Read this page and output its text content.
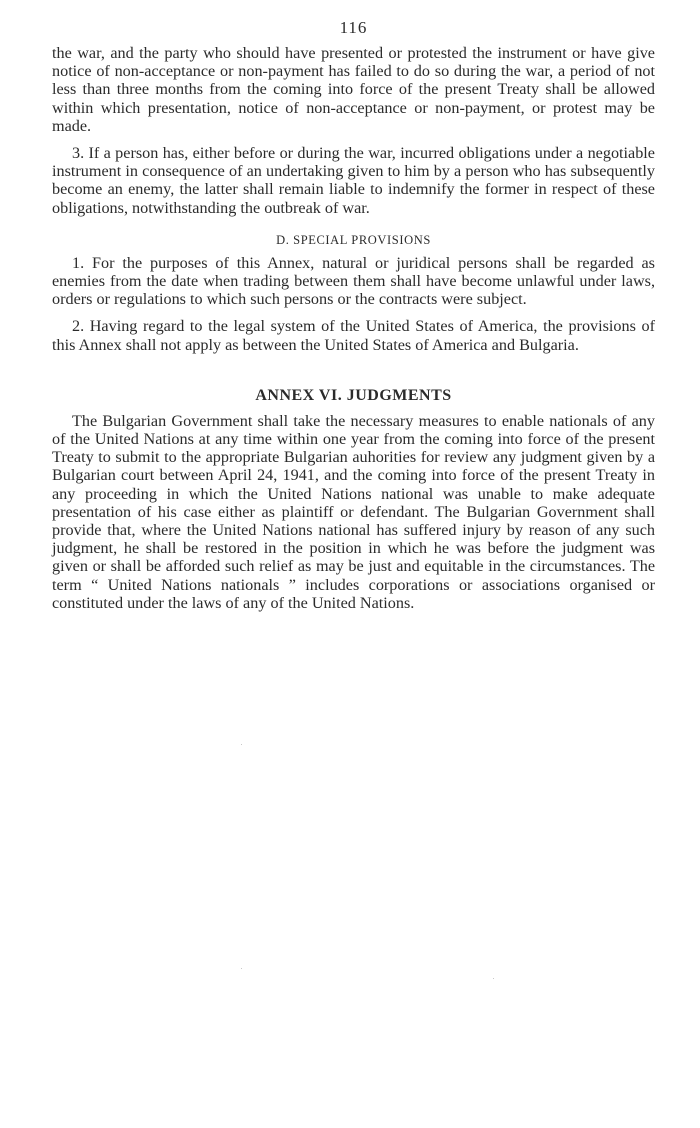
116

the war, and the party who should have presented or protested the instrument or have give notice of non-acceptance or non-payment has failed to do so during the war, a period of not less than three months from the coming into force of the present Treaty shall be allowed within which presentation, notice of non-acceptance or non-payment, or protest may be made.

3. If a person has, either before or during the war, incurred obligations under a negotiable instrument in consequence of an undertaking given to him by a person who has subsequently become an enemy, the latter shall remain liable to indemnify the former in respect of these obligations, notwithstanding the outbreak of war.

D. SPECIAL PROVISIONS

1. For the purposes of this Annex, natural or juridical persons shall be regarded as enemies from the date when trading between them shall have become unlawful under laws, orders or regulations to which such persons or the contracts were subject.

2. Having regard to the legal system of the United States of America, the provisions of this Annex shall not apply as between the United States of America and Bulgaria.

ANNEX VI. JUDGMENTS

The Bulgarian Government shall take the necessary measures to enable nationals of any of the United Nations at any time within one year from the coming into force of the present Treaty to submit to the appropriate Bulgarian auhorities for review any judgment given by a Bulgarian court between April 24, 1941, and the coming into force of the present Treaty in any proceeding in which the United Nations national was unable to make adequate presentation of his case either as plaintiff or defendant. The Bulgarian Government shall provide that, where the United Nations national has suffered injury by reason of any such judgment, he shall be restored in the position in which he was before the judgment was given or shall be afforded such relief as may be just and equitable in the circumstances. The term “ United Nations nationals ” includes corporations or associations organised or constituted under the laws of any of the United Nations.
